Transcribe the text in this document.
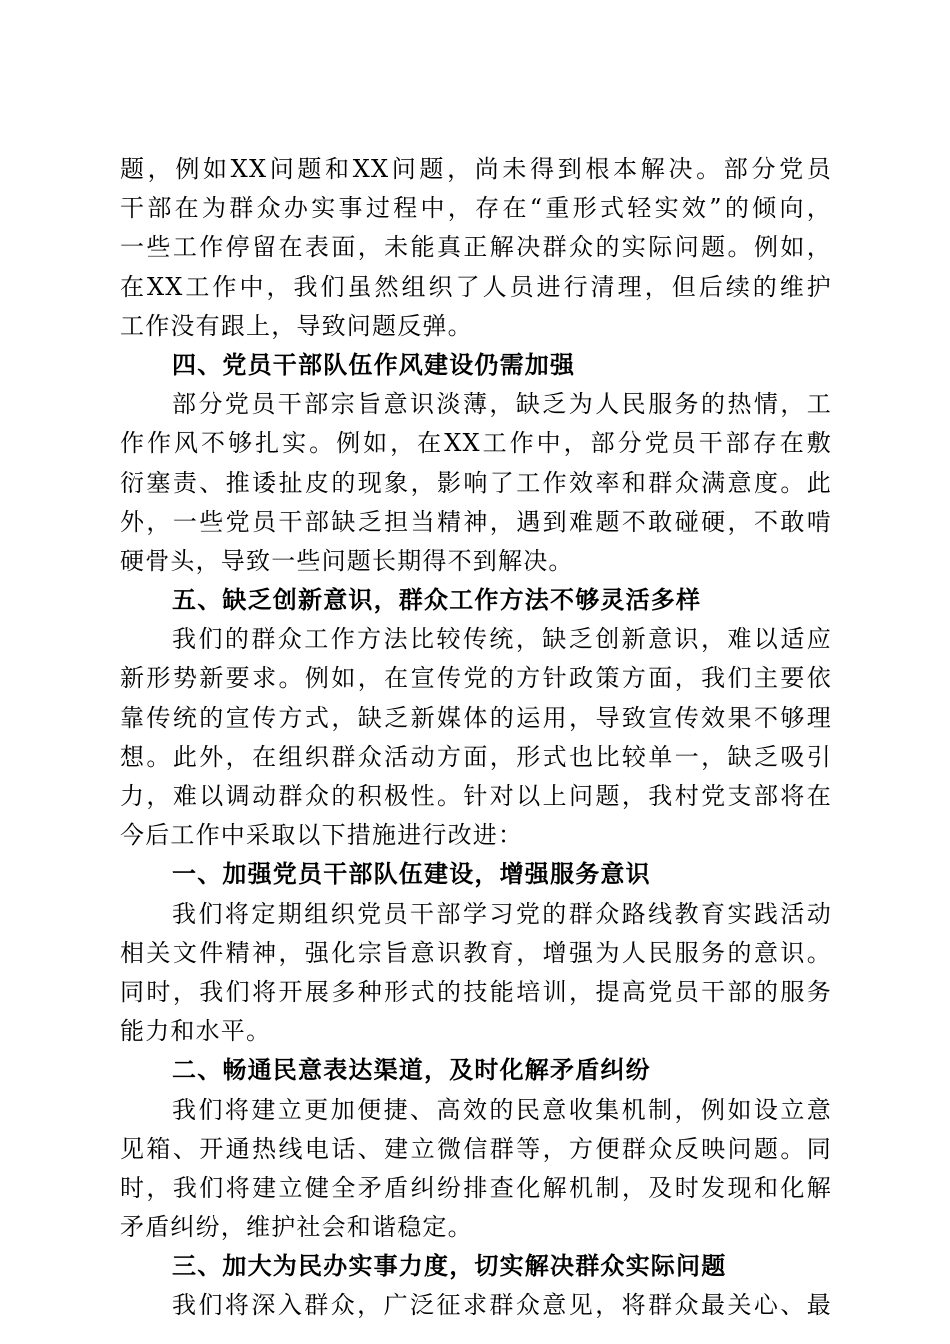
题，例如XX问题和XX问题，尚未得到根本解决。部分党员
干部在为群众办实事过程中，存在“重形式轻实效”的倾向，
一些工作停留在表面，未能真正解决群众的实际问题。例如，
在XX工作中，我们虽然组织了人员进行清理，但后续的维护
工作没有跟上，导致问题反弹。
四、党员干部队伍作风建设仍需加强
部分党员干部宗旨意识淡薄，缺乏为人民服务的热情，工
作作风不够扎实。例如，在XX工作中，部分党员干部存在敷
衍塞责、推诿扯皮的现象，影响了工作效率和群众满意度。此
外，一些党员干部缺乏担当精神，遇到难题不敢碰硬，不敢啃
硬骨头，导致一些问题长期得不到解决。
五、缺乏创新意识，群众工作方法不够灵活多样
我们的群众工作方法比较传统，缺乏创新意识，难以适应
新形势新要求。例如，在宣传党的方针政策方面，我们主要依
靠传统的宣传方式，缺乏新媒体的运用，导致宣传效果不够理
想。此外，在组织群众活动方面，形式也比较单一，缺乏吸引
力，难以调动群众的积极性。针对以上问题，我村党支部将在
今后工作中采取以下措施进行改进：
一、加强党员干部队伍建设，增强服务意识
我们将定期组织党员干部学习党的群众路线教育实践活动
相关文件精神，强化宗旨意识教育，增强为人民服务的意识。
同时，我们将开展多种形式的技能培训，提高党员干部的服务
能力和水平。
二、畅通民意表达渠道，及时化解矛盾纠纷
我们将建立更加便捷、高效的民意收集机制，例如设立意
见箱、开通热线电话、建立微信群等，方便群众反映问题。同
时，我们将建立健全矛盾纠纷排查化解机制，及时发现和化解
矛盾纠纷，维护社会和谐稳定。
三、加大为民办实事力度，切实解决群众实际问题
我们将深入群众，广泛征求群众意见，将群众最关心、最
